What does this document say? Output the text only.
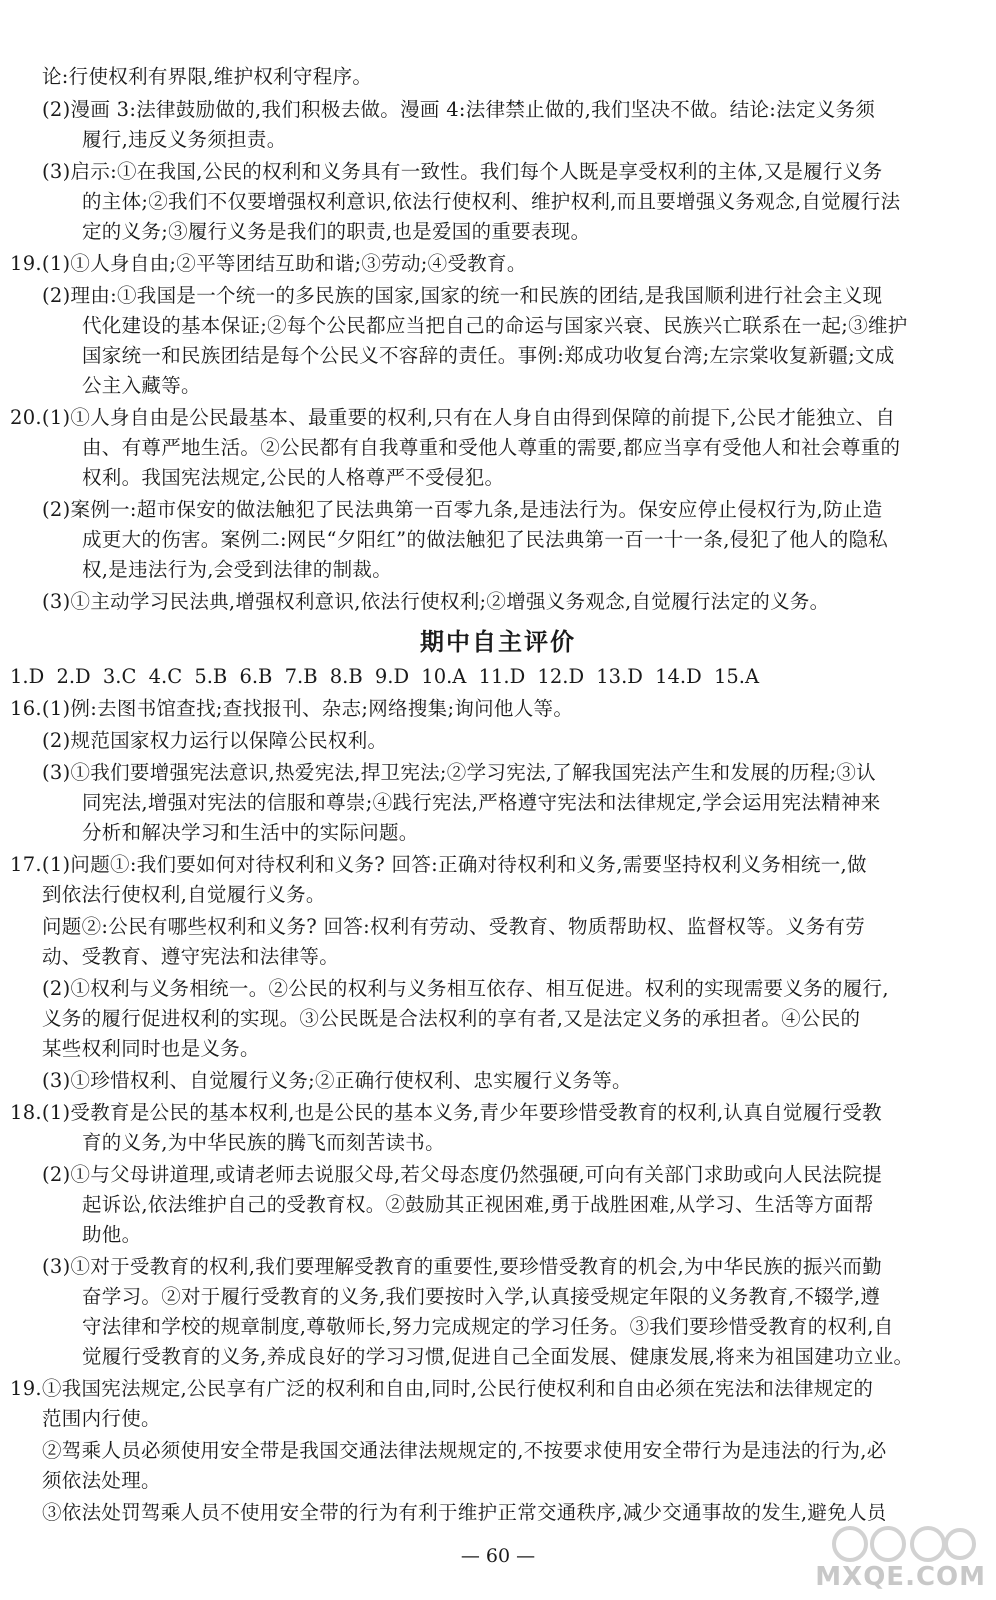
论:行使权利有界限,维护权利守程序。
(2)漫画 3:法律鼓励做的,我们积极去做。漫画 4:法律禁止做的,我们坚决不做。结论:法定义务须
履行,违反义务须担责。
(3)启示:①在我国,公民的权利和义务具有一致性。我们每个人既是享受权利的主体,又是履行义务
的主体;②我们不仅要增强权利意识,依法行使权利、维护权利,而且要增强义务观念,自觉履行法
定的义务;③履行义务是我们的职责,也是爱国的重要表现。
19.(1)①人身自由;②平等团结互助和谐;③劳动;④受教育。
(2)理由:①我国是一个统一的多民族的国家,国家的统一和民族的团结,是我国顺利进行社会主义现
代化建设的基本保证;②每个公民都应当把自己的命运与国家兴衰、民族兴亡联系在一起;③维护
国家统一和民族团结是每个公民义不容辞的责任。事例:郑成功收复台湾;左宗棠收复新疆;文成
公主入藏等。
20.(1)①人身自由是公民最基本、最重要的权利,只有在人身自由得到保障的前提下,公民才能独立、自
由、有尊严地生活。②公民都有自我尊重和受他人尊重的需要,都应当享有受他人和社会尊重的
权利。我国宪法规定,公民的人格尊严不受侵犯。
(2)案例一:超市保安的做法触犯了民法典第一百零九条,是违法行为。保安应停止侵权行为,防止造
成更大的伤害。案例二:网民“夕阳红”的做法触犯了民法典第一百一十一条,侵犯了他人的隐私
权,是违法行为,会受到法律的制裁。
(3)①主动学习民法典,增强权利意识,依法行使权利;②增强义务观念,自觉履行法定的义务。
期中自主评价
1.D 2.D 3.C 4.C 5.B 6.B 7.B 8.B 9.D 10.A 11.D 12.D 13.D 14.D 15.A
16.(1)例:去图书馆查找;查找报刊、杂志;网络搜集;询问他人等。
(2)规范国家权力运行以保障公民权利。
(3)①我们要增强宪法意识,热爱宪法,捍卫宪法;②学习宪法,了解我国宪法产生和发展的历程;③认
同宪法,增强对宪法的信服和尊崇;④践行宪法,严格遵守宪法和法律规定,学会运用宪法精神来
分析和解决学习和生活中的实际问题。
17.(1)问题①:我们要如何对待权利和义务? 回答:正确对待权利和义务,需要坚持权利义务相统一,做
到依法行使权利,自觉履行义务。
问题②:公民有哪些权利和义务? 回答:权利有劳动、受教育、物质帮助权、监督权等。义务有劳
动、受教育、遵守宪法和法律等。
(2)①权利与义务相统一。②公民的权利与义务相互依存、相互促进。权利的实现需要义务的履行,
义务的履行促进权利的实现。③公民既是合法权利的享有者,又是法定义务的承担者。④公民的
某些权利同时也是义务。
(3)①珍惜权利、自觉履行义务;②正确行使权利、忠实履行义务等。
18.(1)受教育是公民的基本权利,也是公民的基本义务,青少年要珍惜受教育的权利,认真自觉履行受教
育的义务,为中华民族的腾飞而刻苦读书。
(2)①与父母讲道理,或请老师去说服父母,若父母态度仍然强硬,可向有关部门求助或向人民法院提
起诉讼,依法维护自己的受教育权。②鼓励其正视困难,勇于战胜困难,从学习、生活等方面帮
助他。
(3)①对于受教育的权利,我们要理解受教育的重要性,要珍惜受教育的机会,为中华民族的振兴而勤
奋学习。②对于履行受教育的义务,我们要按时入学,认真接受规定年限的义务教育,不辍学,遵
守法律和学校的规章制度,尊敬师长,努力完成规定的学习任务。③我们要珍惜受教育的权利,自
觉履行受教育的义务,养成良好的学习习惯,促进自己全面发展、健康发展,将来为祖国建功立业。
19.①我国宪法规定,公民享有广泛的权利和自由,同时,公民行使权利和自由必须在宪法和法律规定的
范围内行使。
②驾乘人员必须使用安全带是我国交通法律法规规定的,不按要求使用安全带行为是违法的行为,必
须依法处理。
③依法处罚驾乘人员不使用安全带的行为有利于维护正常交通秩序,减少交通事故的发生,避免人员
— 60 —
MXQE.COM
